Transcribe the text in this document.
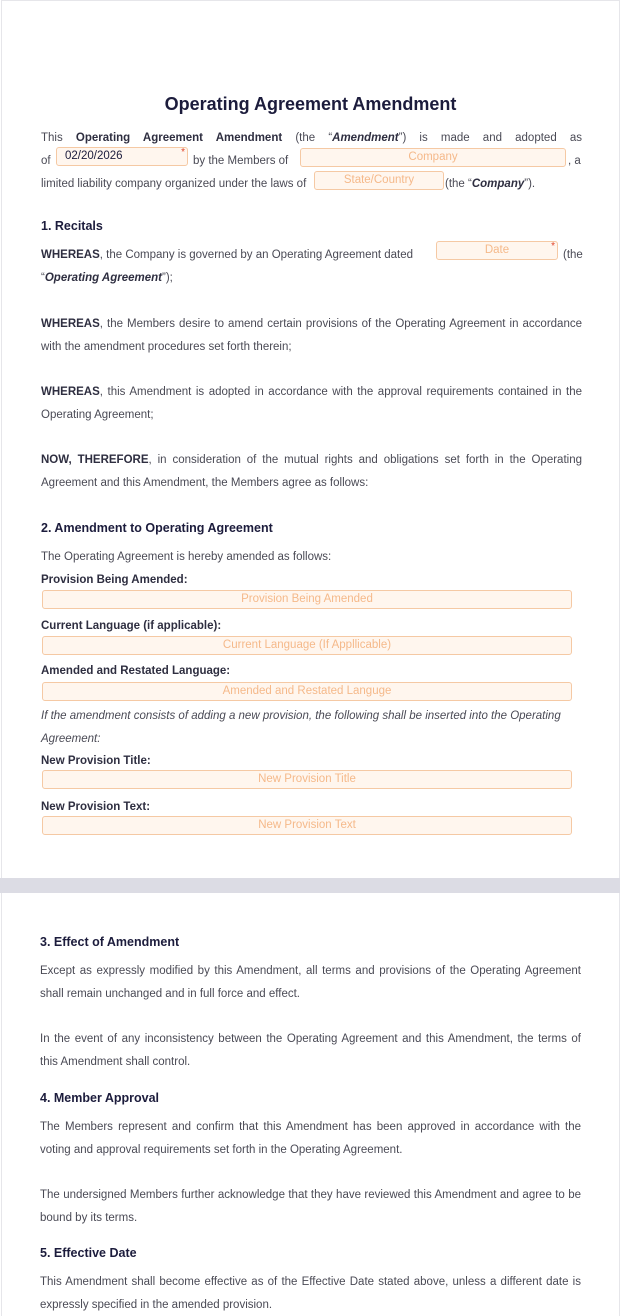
Operating Agreement Amendment
This Operating Agreement Amendment (the “Amendment”) is made and adopted as
of	02/20/2026	*
by the Members of	Company	, a
limited liability company organized under the laws of	State/Country	(the “Company”).
1. Recitals
WHEREAS, the Company is governed by an Operating Agreement dated	Date	*
(the
“Operating Agreement”);
WHEREAS, the Members desire to amend certain provisions of the Operating Agreement in accordance
with the amendment procedures set forth therein;
WHEREAS, this Amendment is adopted in accordance with the approval requirements contained in the
Operating Agreement;
NOW, THEREFORE, in consideration of the mutual rights and obligations set forth in the Operating
Agreement and this Amendment, the Members agree as follows:
2. Amendment to Operating Agreement
The Operating Agreement is hereby amended as follows:
Provision Being Amended:
Provision Being Amended
Current Language (if applicable):
Current Language (If Appllicable)
Amended and Restated Language:
Amended and Restated Languge
If the amendment consists of adding a new provision, the following shall be inserted into the Operating
Agreement:
New Provision Title:
New Provision Title
New Provision Text:
New Provision Text
3. Effect of Amendment
Except as expressly modified by this Amendment, all terms and provisions of the Operating Agreement
shall remain unchanged and in full force and effect.
In the event of any inconsistency between the Operating Agreement and this Amendment, the terms of
this Amendment shall control.
4. Member Approval
The Members represent and confirm that this Amendment has been approved in accordance with the
voting and approval requirements set forth in the Operating Agreement.
The undersigned Members further acknowledge that they have reviewed this Amendment and agree to be
bound by its terms.
5. Effective Date
This Amendment shall become effective as of the Effective Date stated above, unless a different date is
expressly specified in the amended provision.
